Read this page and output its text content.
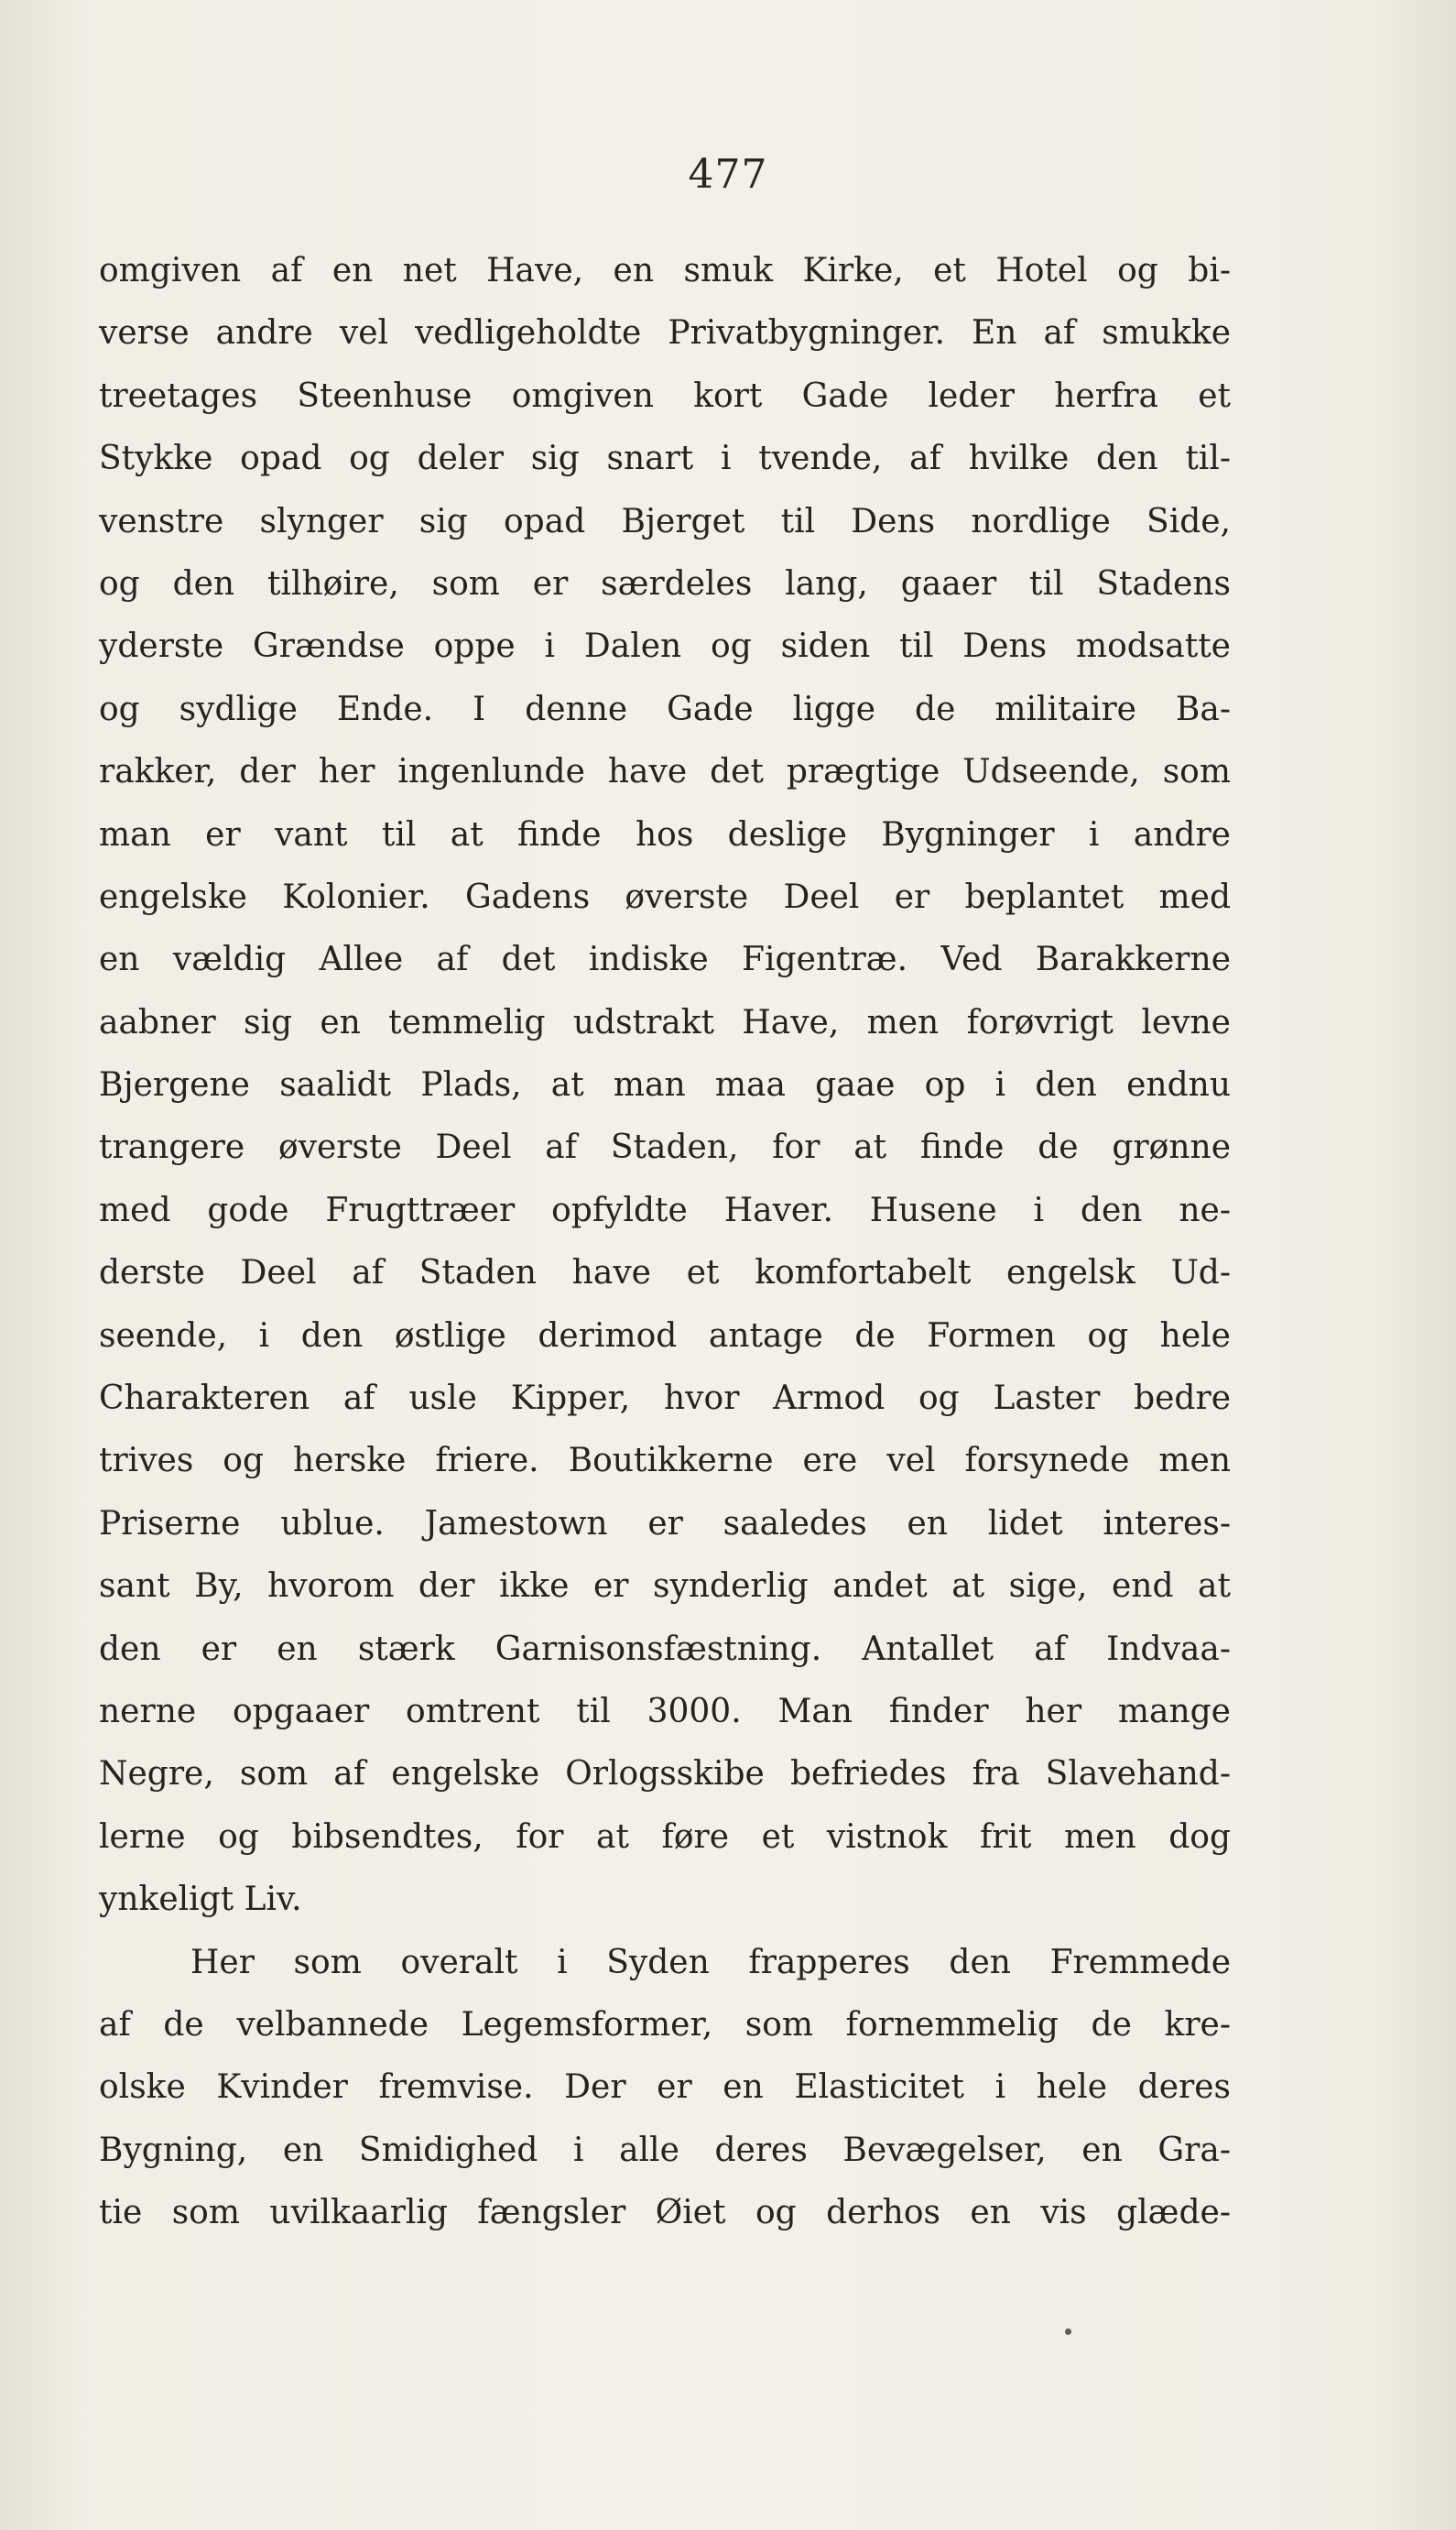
477
omgiven af en net Have, en smuk Kirke, et Hotel og bi-
verse andre vel vedligeholdte Privatbygninger. En af smukke
treetages Steenhuse omgiven kort Gade leder herfra et
Stykke opad og deler sig snart i tvende, af hvilke den til-
venstre slynger sig opad Bjerget til Dens nordlige Side,
og den tilhøire, som er særdeles lang, gaaer til Stadens
yderste Grændse oppe i Dalen og siden til Dens modsatte
og sydlige Ende. I denne Gade ligge de militaire Ba-
rakker, der her ingenlunde have det prægtige Udseende, som
man er vant til at finde hos deslige Bygninger i andre
engelske Kolonier. Gadens øverste Deel er beplantet med
en vældig Allee af det indiske Figentræ. Ved Barakkerne
aabner sig en temmelig udstrakt Have, men forøvrigt levne
Bjergene saalidt Plads, at man maa gaae op i den endnu
trangere øverste Deel af Staden, for at finde de grønne
med gode Frugttræer opfyldte Haver. Husene i den ne-
derste Deel af Staden have et komfortabelt engelsk Ud-
seende, i den østlige derimod antage de Formen og hele
Charakteren af usle Kipper, hvor Armod og Laster bedre
trives og herske friere. Boutikkerne ere vel forsynede men
Priserne ublue. Jamestown er saaledes en lidet interes-
sant By, hvorom der ikke er synderlig andet at sige, end at
den er en stærk Garnisonsfæstning. Antallet af Indvaa-
nerne opgaaer omtrent til 3000. Man finder her mange
Negre, som af engelske Orlogsskibe befriedes fra Slavehand-
lerne og bibsendtes, for at føre et vistnok frit men dog
ynkeligt Liv.
Her som overalt i Syden frapperes den Fremmede
af de velbannede Legemsformer, som fornemmelig de kre-
olske Kvinder fremvise. Der er en Elasticitet i hele deres
Bygning, en Smidighed i alle deres Bevægelser, en Gra-
tie som uvilkaarlig fængsler Øiet og derhos en vis glæde-
